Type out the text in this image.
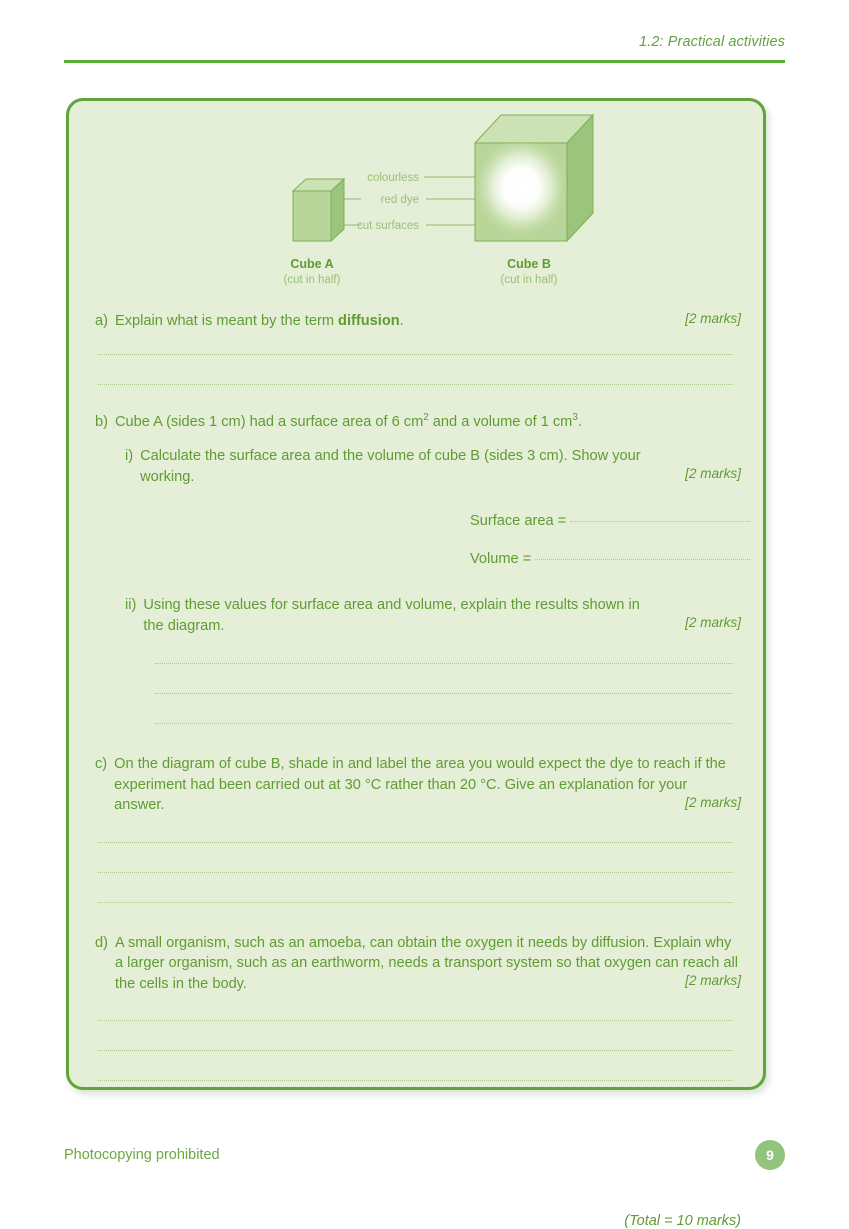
1.2: Practical activities
colourless
red dye
cut surfaces
Cube A
(cut in half)
Cube B
(cut in half)
a) Explain what is meant by the term diffusion.	[2 marks]
b) Cube A (sides 1 cm) had a surface area of 6 $cm^2$ and a volume of 1 $cm^3$.
i) Calculate the surface area and the volume of cube B (sides 3 cm). Show your working.	[2 marks]
Surface area =
Volume =
ii) Using these values for surface area and volume, explain the results shown in the diagram.	[2 marks]
c) On the diagram of cube B, shade in and label the area you would expect the dye to reach if the experiment had been carried out at 30 °C rather than 20 °C. Give an explanation for your answer.	[2 marks]
d) A small organism, such as an amoeba, can obtain the oxygen it needs by diffusion. Explain why a larger organism, such as an earthworm, needs a transport system so that oxygen can reach all the cells in the body.	[2 marks]
(Total = 10 marks)
Photocopying prohibited	9
